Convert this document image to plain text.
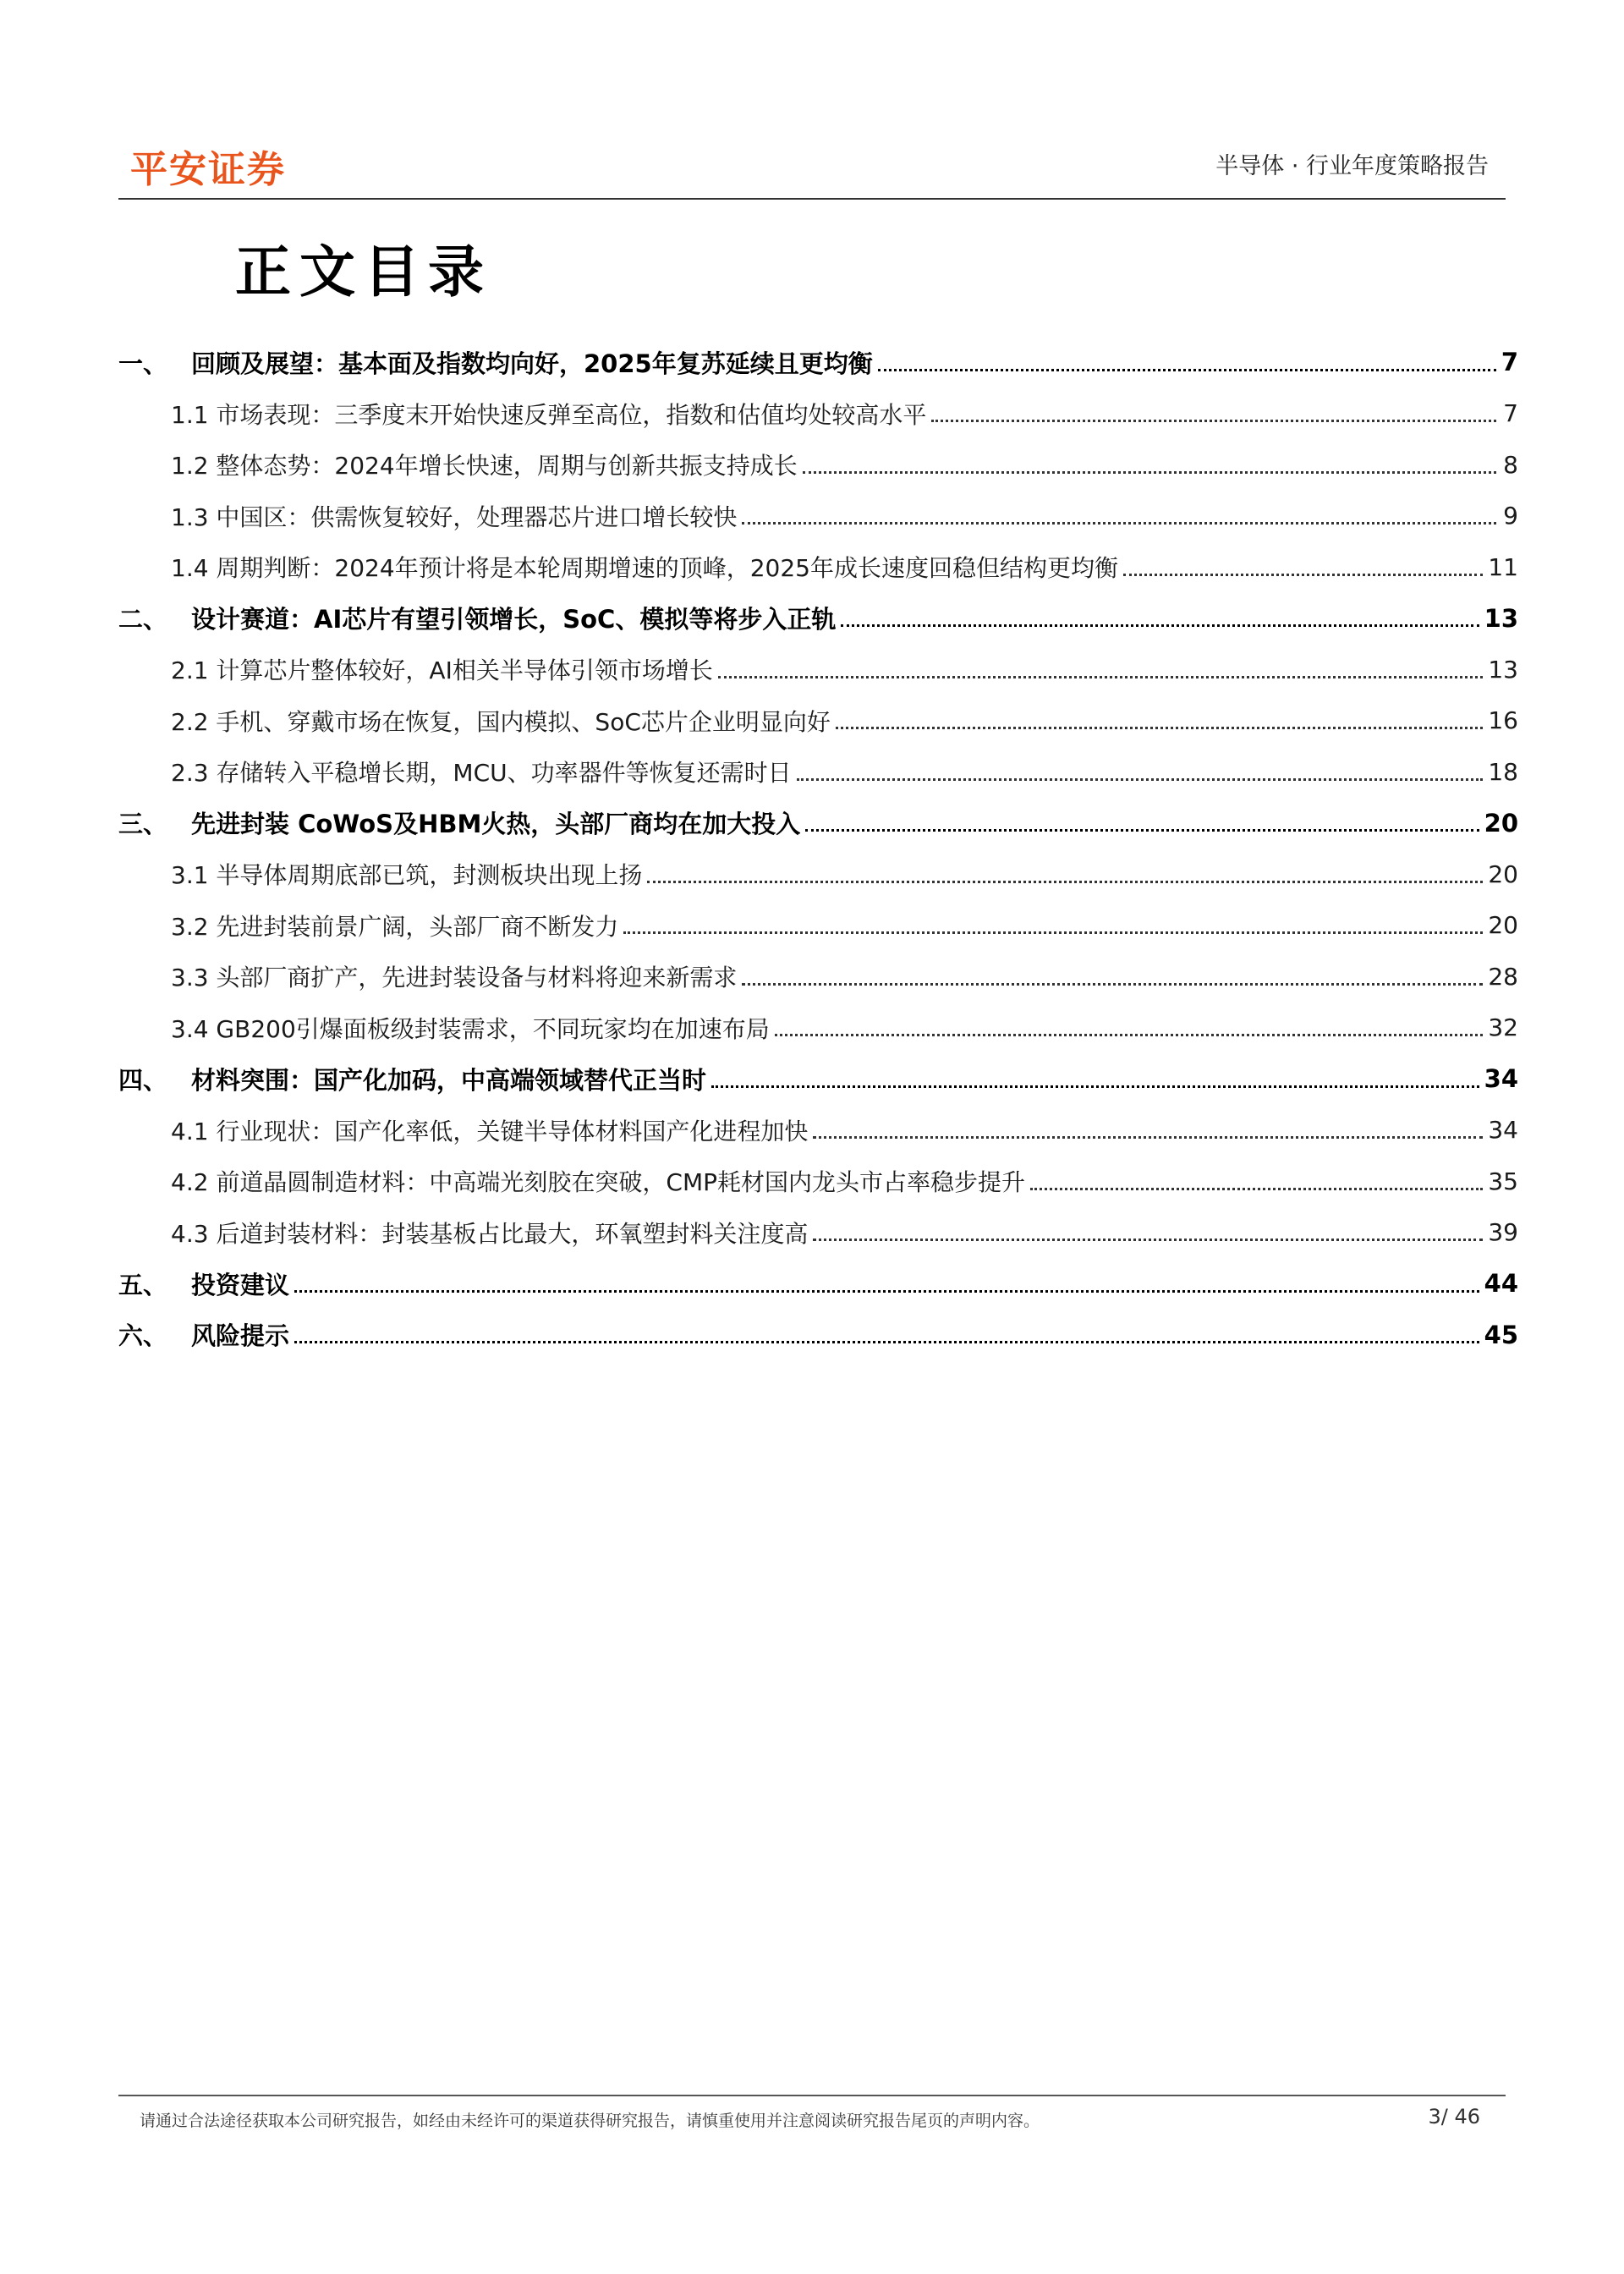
平安证券	半导体 · 行业年度策略报告
正文目录
一、 回顾及展望：基本面及指数均向好，2025年复苏延续且更均衡	7
1.1 市场表现：三季度末开始快速反弹至高位，指数和估值均处较高水平	7
1.2 整体态势：2024年增长快速，周期与创新共振支持成长	8
1.3 中国区：供需恢复较好，处理器芯片进口增长较快	9
1.4 周期判断：2024年预计将是本轮周期增速的顶峰，2025年成长速度回稳但结构更均衡	11
二、 设计赛道：AI芯片有望引领增长，SoC、模拟等将步入正轨	13
2.1 计算芯片整体较好，AI相关半导体引领市场增长	13
2.2 手机、穿戴市场在恢复，国内模拟、SoC芯片企业明显向好	16
2.3 存储转入平稳增长期，MCU、功率器件等恢复还需时日	18
三、 先进封装 CoWoS及HBM火热，头部厂商均在加大投入	20
3.1 半导体周期底部已筑，封测板块出现上扬	20
3.2 先进封装前景广阔，头部厂商不断发力	20
3.3 头部厂商扩产，先进封装设备与材料将迎来新需求	28
3.4 GB200引爆面板级封装需求，不同玩家均在加速布局	32
四、 材料突围：国产化加码，中高端领域替代正当时	34
4.1 行业现状：国产化率低，关键半导体材料国产化进程加快	34
4.2 前道晶圆制造材料：中高端光刻胶在突破，CMP耗材国内龙头市占率稳步提升	35
4.3 后道封装材料：封装基板占比最大，环氧塑封料关注度高	39
五、 投资建议	44
六、 风险提示	45
请通过合法途径获取本公司研究报告，如经由未经许可的渠道获得研究报告，请慎重使用并注意阅读研究报告尾页的声明内容。	3/ 46
